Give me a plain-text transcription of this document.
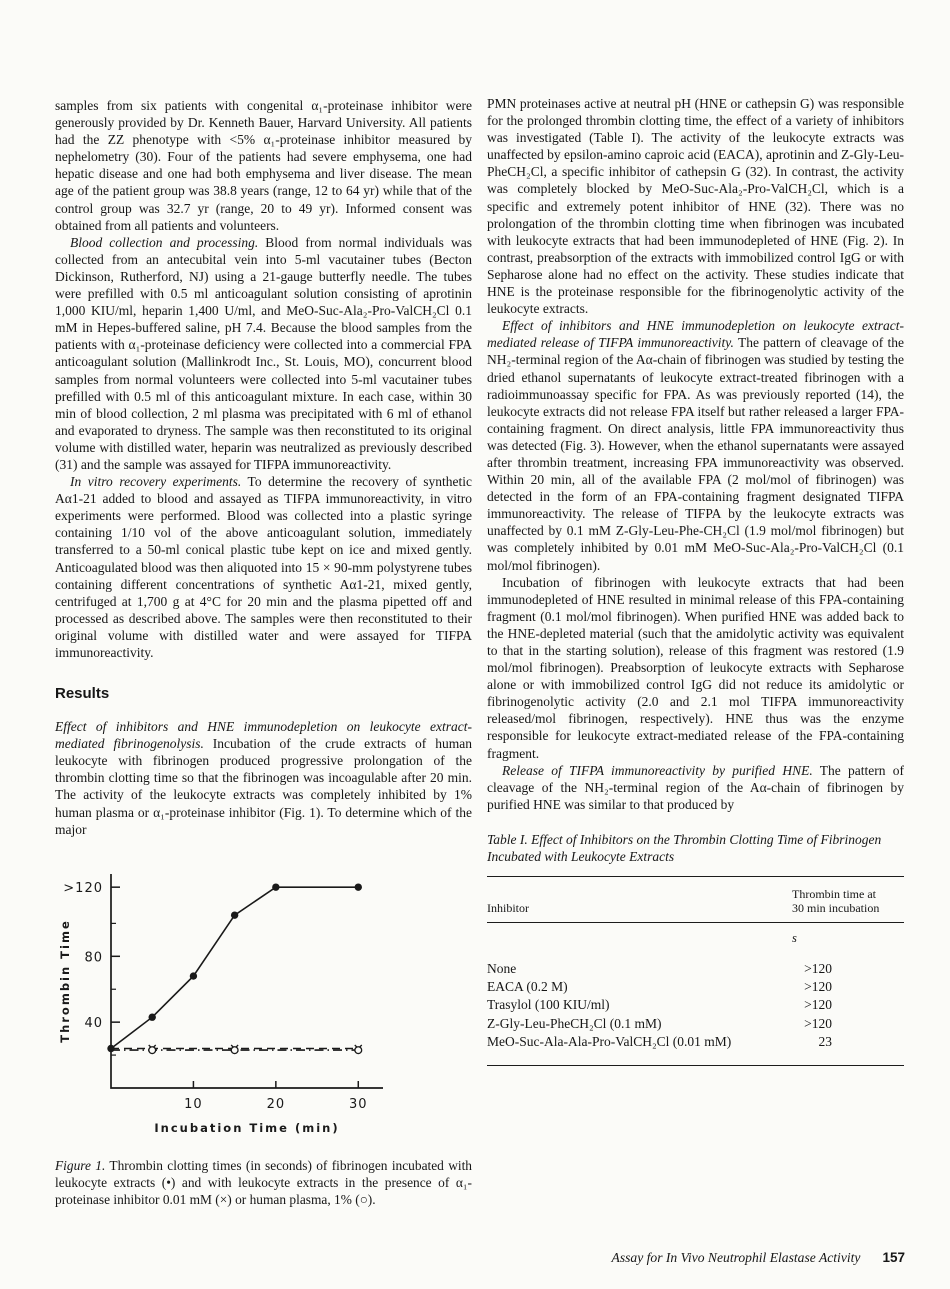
samples from six patients with congenital α₁-proteinase inhibitor were generously provided by Dr. Kenneth Bauer, Harvard University. All patients had the ZZ phenotype with <5% α₁-proteinase inhibitor measured by nephelometry (30). Four of the patients had severe emphysema, one had hepatic disease and one had both emphysema and liver disease. The mean age of the patient group was 38.8 years (range, 12 to 64 yr) while that of the control group was 32.7 yr (range, 20 to 49 yr). Informed consent was obtained from all patients and volunteers.

Blood collection and processing. Blood from normal individuals was collected from an antecubital vein into 5-ml vacutainer tubes (Becton Dickinson, Rutherford, NJ) using a 21-gauge butterfly needle. The tubes were prefilled with 0.5 ml anticoagulant solution consisting of aprotinin 1,000 KIU/ml, heparin 1,400 U/ml, and MeO-Suc-Ala₂-Pro-ValCH₂Cl 0.1 mM in Hepes-buffered saline, pH 7.4. Because the blood samples from the patients with α₁-proteinase deficiency were collected into a commercial FPA anticoagulant solution (Mallinkrodt Inc., St. Louis, MO), concurrent blood samples from normal volunteers were collected into 5-ml vacutainer tubes prefilled with 0.5 ml of this anticoagulant mixture. In each case, within 30 min of blood collection, 2 ml plasma was precipitated with 6 ml of ethanol and evaporated to dryness. The sample was then reconstituted to its original volume with distilled water, heparin was neutralized as previously described (31) and the sample was assayed for TIFPA immunoreactivity.

In vitro recovery experiments. To determine the recovery of synthetic Aα1-21 added to blood and assayed as TIFPA immunoreactivity, in vitro experiments were performed. Blood was collected into a plastic syringe containing 1/10 vol of the above anticoagulant solution, immediately transferred to a 50-ml conical plastic tube kept on ice and mixed gently. Anticoagulated blood was then aliquoted into 15 × 90-mm polystyrene tubes containing different concentrations of synthetic Aα1-21, mixed gently, centrifuged at 1,700 g at 4°C for 20 min and the plasma pipetted off and processed as described above. The samples were then reconstituted to their original volume with distilled water and were assayed for TIFPA immunoreactivity.

Results

Effect of inhibitors and HNE immunodepletion on leukocyte extract-mediated fibrinogenolysis. Incubation of the crude extracts of human leukocyte with fibrinogen produced progressive prolongation of the thrombin clotting time so that the fibrinogen was incoagulable after 20 min. The activity of the leukocyte extracts was completely inhibited by 1% human plasma or α₁-proteinase inhibitor (Fig. 1). To determine which of the major

40
80
>120
10	20	30
Thrombin Time
Incubation Time (min)
Figure 1. Thrombin clotting times (in seconds) of fibrinogen incubated with leukocyte extracts (•) and with leukocyte extracts in the presence of α₁-proteinase inhibitor 0.01 mM (×) or human plasma, 1% (○).

PMN proteinases active at neutral pH (HNE or cathepsin G) was responsible for the prolonged thrombin clotting time, the effect of a variety of inhibitors was investigated (Table I). The activity of the leukocyte extracts was unaffected by epsilon-amino caproic acid (EACA), aprotinin and Z-Gly-Leu-PheCH₂Cl, a specific inhibitor of cathepsin G (32). In contrast, the activity was completely blocked by MeO-Suc-Ala₂-Pro-ValCH₂Cl, which is a specific and extremely potent inhibitor of HNE (32). There was no prolongation of the thrombin clotting time when fibrinogen was incubated with leukocyte extracts that had been immunodepleted of HNE (Fig. 2). In contrast, preabsorption of the extracts with immobilized control IgG or with Sepharose alone had no effect on the activity. These studies indicate that HNE is the proteinase responsible for the fibrinogenolytic activity of the leukocyte extracts.

Effect of inhibitors and HNE immunodepletion on leukocyte extract-mediated release of TIFPA immunoreactivity. The pattern of cleavage of the NH₂-terminal region of the Aα-chain of fibrinogen was studied by testing the dried ethanol supernatants of leukocyte extract-treated fibrinogen with a radioimmunoassay specific for FPA. As was previously reported (14), the leukocyte extracts did not release FPA itself but rather released a larger FPA-containing fragment. On direct analysis, little FPA immunoreactivity thus was detected (Fig. 3). However, when the ethanol supernatants were assayed after thrombin treatment, increasing FPA immunoreactivity was observed. Within 20 min, all of the available FPA (2 mol/mol of fibrinogen) was detected in the form of an FPA-containing fragment designated TIFPA immunoreactivity. The release of TIFPA by the leukocyte extracts was unaffected by 0.1 mM Z-Gly-Leu-Phe-CH₂Cl (1.9 mol/mol fibrinogen) but was completely inhibited by 0.01 mM MeO-Suc-Ala₂-Pro-ValCH₂Cl (0.1 mol/mol fibrinogen).

Incubation of fibrinogen with leukocyte extracts that had been immunodepleted of HNE resulted in minimal release of this FPA-containing fragment (0.1 mol/mol fibrinogen). When purified HNE was added back to the HNE-depleted material (such that the amidolytic activity was equivalent to that in the starting solution), release of this fragment was restored (1.9 mol/mol fibrinogen). Preabsorption of leukocyte extracts with Sepharose alone or with immobilized control IgG did not reduce its amidolytic or fibrinogenolytic activity (2.0 and 2.1 mol TIFPA immunoreactivity released/mol fibrinogen, respectively). HNE thus was the enzyme responsible for leukocyte extract-mediated release of the FPA-containing fragment.

Release of TIFPA immunoreactivity by purified HNE. The pattern of cleavage of the NH₂-terminal region of the Aα-chain of fibrinogen by purified HNE was similar to that produced by

Table I. Effect of Inhibitors on the Thrombin Clotting Time of Fibrinogen Incubated with Leukocyte Extracts
Inhibitor
Thrombin time at
30 min incubation
s
None	>120
EACA (0.2 M)	>120
Trasylol (100 KIU/ml)	>120
Z-Gly-Leu-PheCH₂Cl (0.1 mM)	>120
MeO-Suc-Ala-Ala-Pro-ValCH₂Cl (0.01 mM)	23
Assay for In Vivo Neutrophil Elastase Activity 157
